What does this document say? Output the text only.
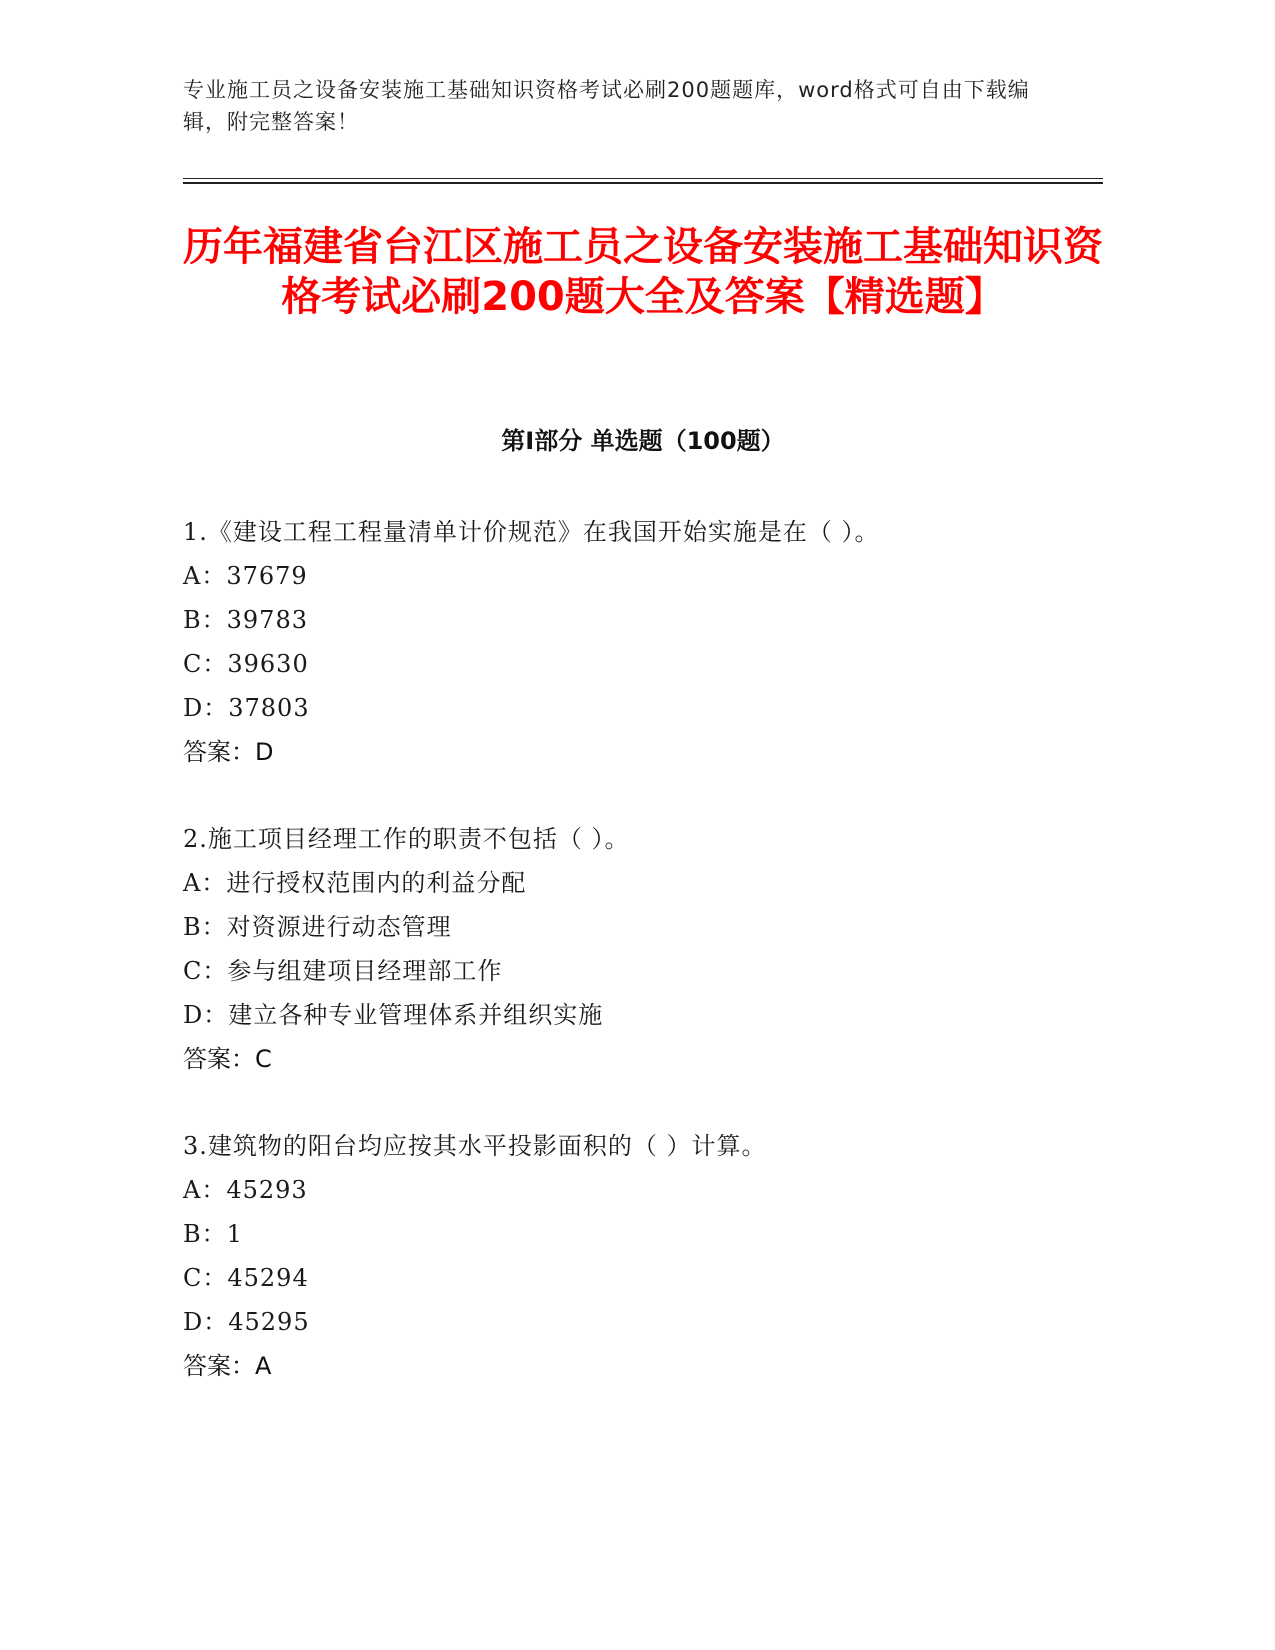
专业施工员之设备安装施工基础知识资格考试必刷200题题库，word格式可自由下载编辑，附完整答案！
历年福建省台江区施工员之设备安装施工基础知识资格考试必刷200题大全及答案【精选题】
第I部分 单选题（100题）
1.《建设工程工程量清单计价规范》在我国开始实施是在（ ）。
A：37679
B：39783
C：39630
D：37803
答案：D
2.施工项目经理工作的职责不包括（ ）。
A：进行授权范围内的利益分配
B：对资源进行动态管理
C：参与组建项目经理部工作
D：建立各种专业管理体系并组织实施
答案：C
3.建筑物的阳台均应按其水平投影面积的（ ）计算。
A：45293
B：1
C：45294
D：45295
答案：A
